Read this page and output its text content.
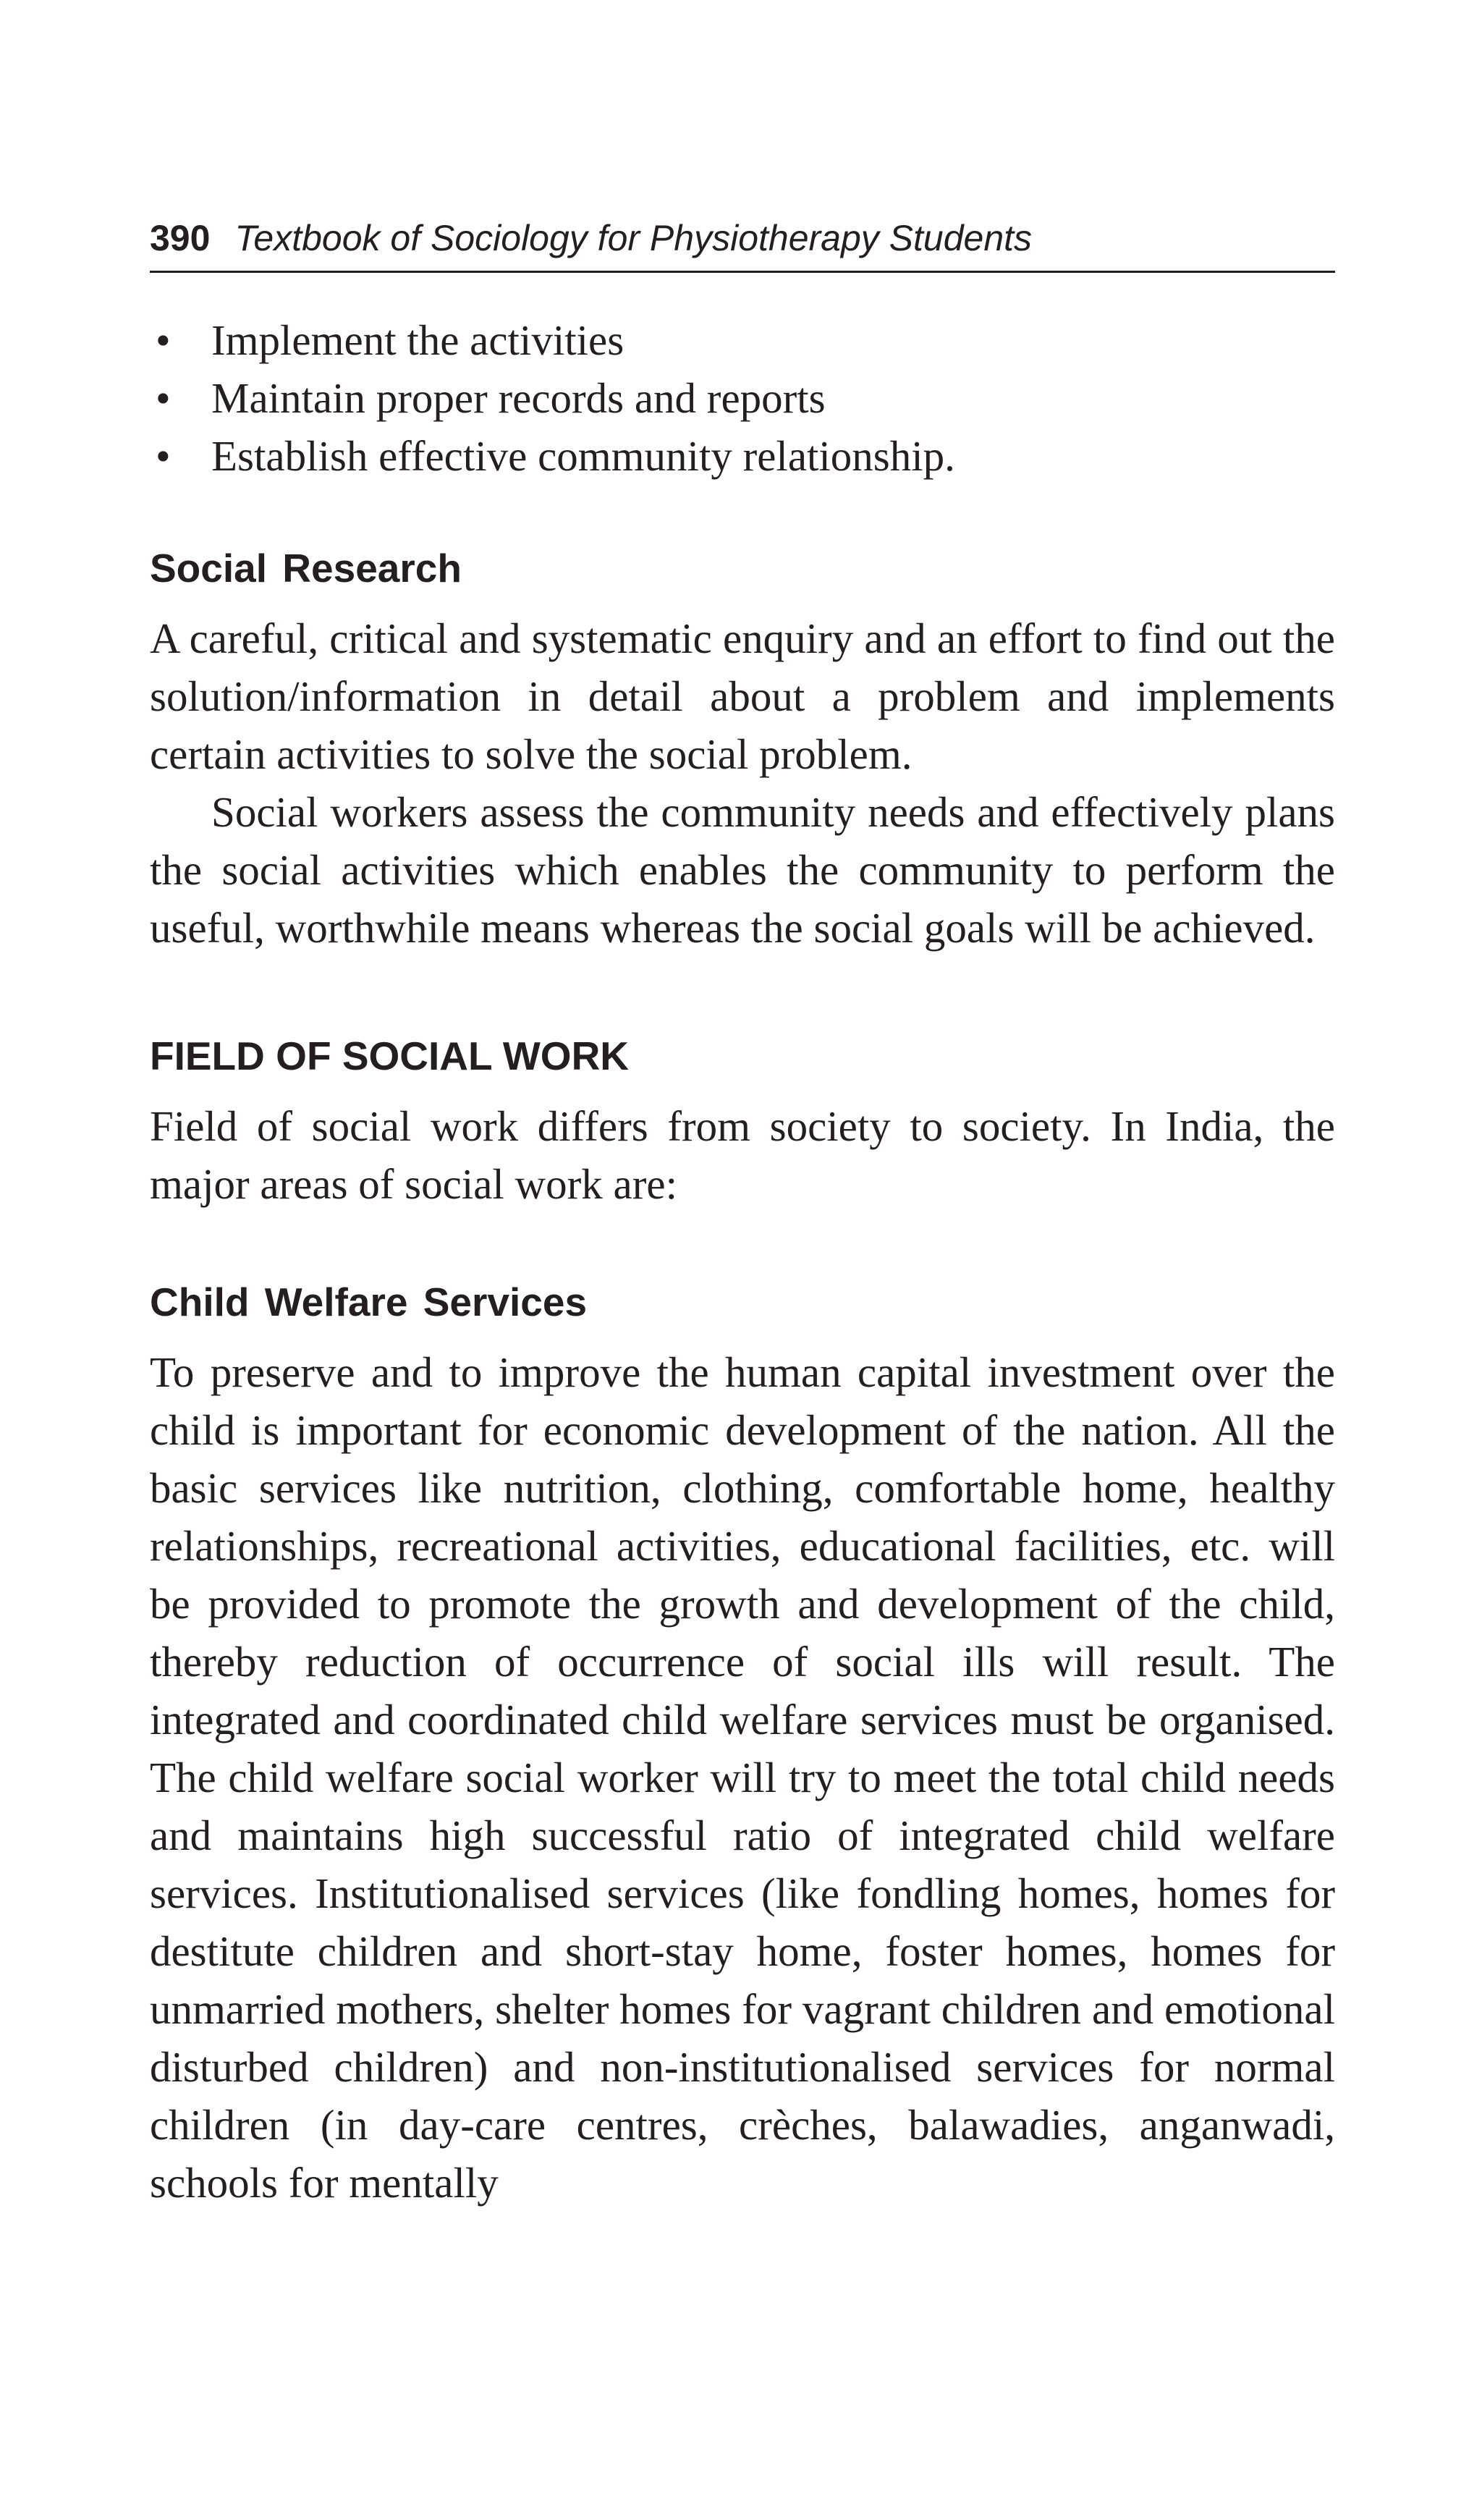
390 Textbook of Sociology for Physiotherapy Students
• Implement the activities
• Maintain proper records and reports
• Establish effective community relationship.
Social Research

A careful, critical and systematic enquiry and an effort to find out the solution/information in detail about a problem and implements certain activities to solve the social problem.

Social workers assess the community needs and effectively plans the social activities which enables the community to perform the useful, worthwhile means whereas the social goals will be achieved.

FIELD OF SOCIAL WORK

Field of social work differs from society to society. In India, the major areas of social work are:

Child Welfare Services

To preserve and to improve the human capital investment over the child is important for economic development of the nation. All the basic services like nutrition, clothing, comfortable home, healthy relationships, recreational activities, educational facilities, etc. will be provided to promote the growth and development of the child, thereby reduction of occurrence of social ills will result. The integrated and coordinated child welfare services must be organised. The child welfare social worker will try to meet the total child needs and maintains high successful ratio of integrated child welfare services. Institutionalised services (like fondling homes, homes for destitute children and short-stay home, foster homes, homes for unmarried mothers, shelter homes for vagrant children and emotional disturbed children) and non-institutionalised services for normal children (in day-care centres, crèches, balawadies, anganwadi, schools for mentally
